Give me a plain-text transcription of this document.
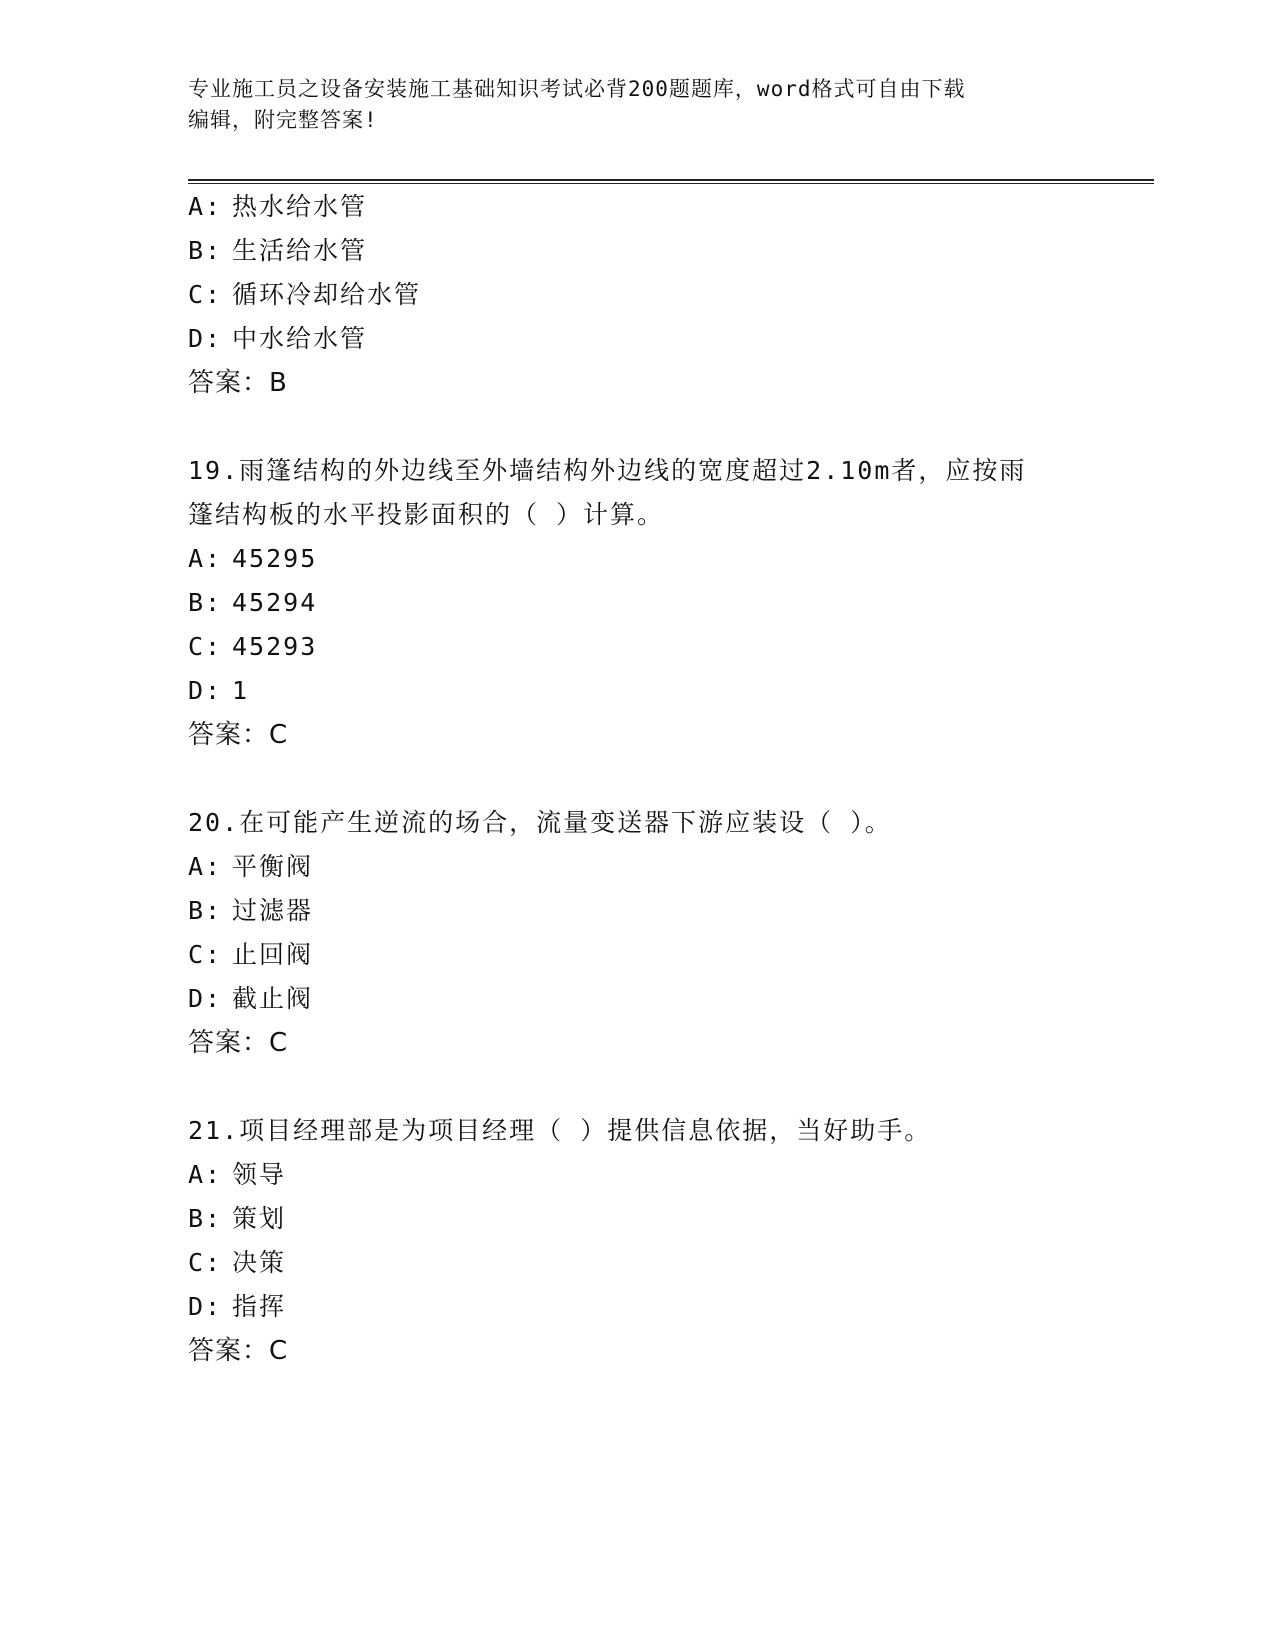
专业施工员之设备安装施工基础知识考试必背200题题库，word格式可自由下载
编辑，附完整答案!
A: 热水给水管
B: 生活给水管
C: 循环冷却给水管
D: 中水给水管
答案：B
19.雨篷结构的外边线至外墙结构外边线的宽度超过2.10m者，应按雨
篷结构板的水平投影面积的（ ）计算。
A: 45295
B: 45294
C: 45293
D: 1
答案：C
20.在可能产生逆流的场合，流量变送器下游应装设（ ）。
A: 平衡阀
B: 过滤器
C: 止回阀
D: 截止阀
答案：C
21.项目经理部是为项目经理（ ）提供信息依据，当好助手。
A: 领导
B: 策划
C: 决策
D: 指挥
答案：C
